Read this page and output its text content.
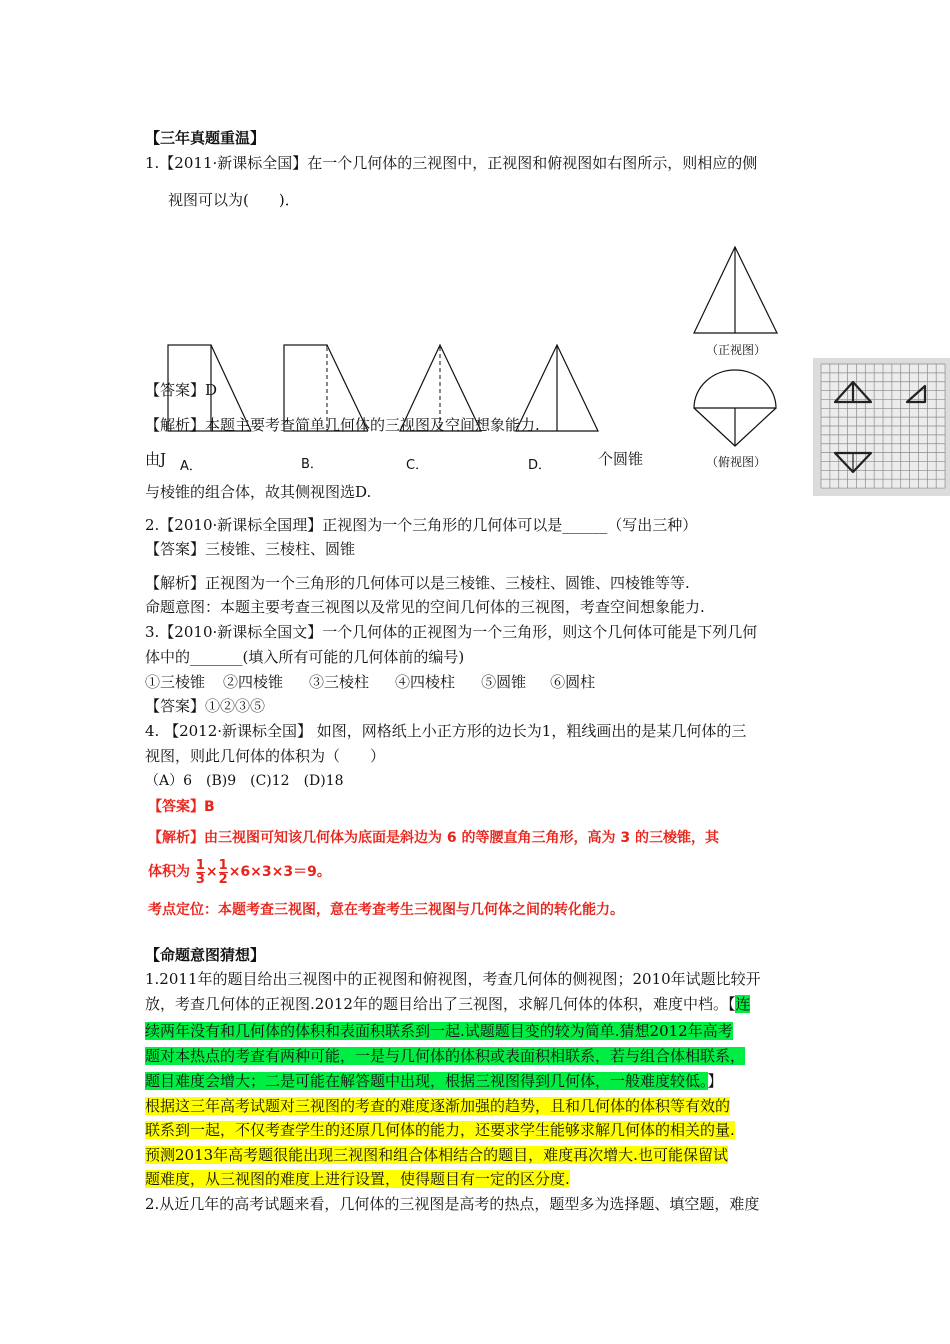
【三年真题重温】
1.【2011·新课标全国】在一个几何体的三视图中，正视图和俯视图如右图所示，则相应的侧
视图可以为(　　)．
（正视图）
（俯视图）
A．	B．	C．	D．
【答案】D
【解析】本题主要考查简单几何体的三视图及空间想象能力.
由J	个圆锥
与棱锥的组合体，故其侧视图选D.
2.【2010·新课标全国理】正视图为一个三角形的几何体可以是______（写出三种）
【答案】三棱锥、三棱柱、圆锥
【解析】正视图为一个三角形的几何体可以是三棱锥、三棱柱、圆锥、四棱锥等等.
命题意图：本题主要考查三视图以及常见的空间几何体的三视图，考查空间想象能力.
3.【2010·新课标全国文】一个几何体的正视图为一个三角形，则这个几何体可能是下列几何
体中的_______(填入所有可能的几何体前的编号)
①三棱锥 ②四棱锥 ③三棱柱 ④四棱柱 ⑤圆锥 ⑥圆柱
【答案】①②③⑤
4. 【2012·新课标全国】 如图，网格纸上小正方形的边长为1，粗线画出的是某几何体的三
视图，则此几何体的体积为（　　）
（A）6　(B)9　(C)12　(D)18
【答案】B
【解析】由三视图可知该几何体为底面是斜边为 6 的等腰直角三角形，高为 3 的三棱锥，其
体积为 $\frac{1}{3} \times \frac{1}{2} \times 6\times 3\times 3=9$。
考点定位：本题考查三视图，意在考查考生三视图与几何体之间的转化能力。
【命题意图猜想】
1.2011年的题目给出三视图中的正视图和俯视图，考查几何体的侧视图；2010年试题比较开
放，考查几何体的正视图.2012年的题目给出了三视图，求解几何体的体积，难度中档。【连
续两年没有和几何体的体积和表面积联系到一起.试题题目变的较为简单.猜想2012年高考
题对本热点的考查有两种可能，一是与几何体的体积或表面积相联系，若与组合体相联系，
题目难度会增大；二是可能在解答题中出现，根据三视图得到几何体，一般难度较低。】
根据这三年高考试题对三视图的考查的难度逐渐加强的趋势，且和几何体的体积等有效的
联系到一起，不仅考查学生的还原几何体的能力，还要求学生能够求解几何体的相关的量.
预测2013年高考题很能出现三视图和组合体相结合的题目，难度再次增大.也可能保留试
题难度，从三视图的难度上进行设置，使得题目有一定的区分度.
2.从近几年的高考试题来看，几何体的三视图是高考的热点，题型多为选择题、填空题，难度
